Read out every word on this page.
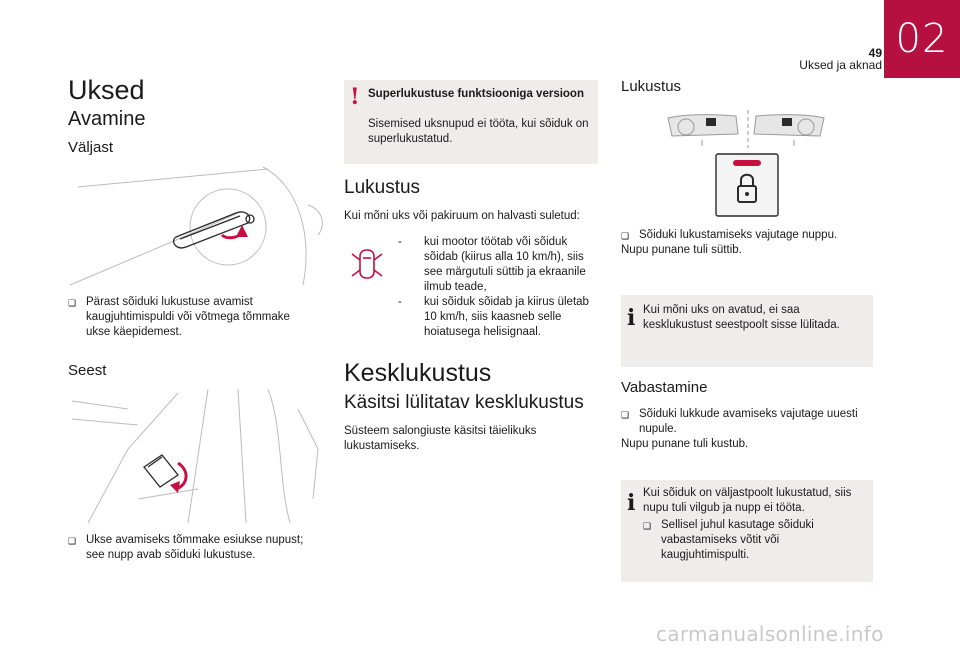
49
Uksed ja aknad
02
Uksed
Avamine
Väljast
❑ Pärast sõiduki lukustuse avamist kaugjuhtimispuldi või võtmega tõmmake ukse käepidemest.
Seest
❑ Ukse avamiseks tõmmake esiukse nupust; see nupp avab sõiduki lukustuse.
! Superlukustuse funktsiooniga versioon

Sisemised uksnupud ei tööta, kui sõiduk on superlukustatud.

Lukustus

Kui mõni uks või pakiruum on halvasti suletud:

- kui mootor töötab või sõiduk sõidab (kiirus alla 10 km/h), siis see märgutuli süttib ja ekraanile ilmub teade,
- kui sõiduk sõidab ja kiirus ületab 10 km/h, siis kaasneb selle hoiatusega helisignaal.
Kesklukustus
Käsitsi lülitatav kesklukustus

Süsteem salongiuste käsitsi täielikuks lukustamiseks.

Lukustus
❑ Sõiduki lukustamiseks vajutage nuppu.

Nupu punane tuli süttib.

i Kui mõni uks on avatud, ei saa kesklukustust seestpoolt sisse lülitada.

Vabastamine
❑ Sõiduki lukkude avamiseks vajutage uuesti nupule.

Nupu punane tuli kustub.

i Kui sõiduk on väljastpoolt lukustatud, siis nupu tuli vilgub ja nupp ei tööta.

❑ Sellisel juhul kasutage sõiduki vabastamiseks võtit või kaugjuhtimispulti.
carmanualsonline.info
